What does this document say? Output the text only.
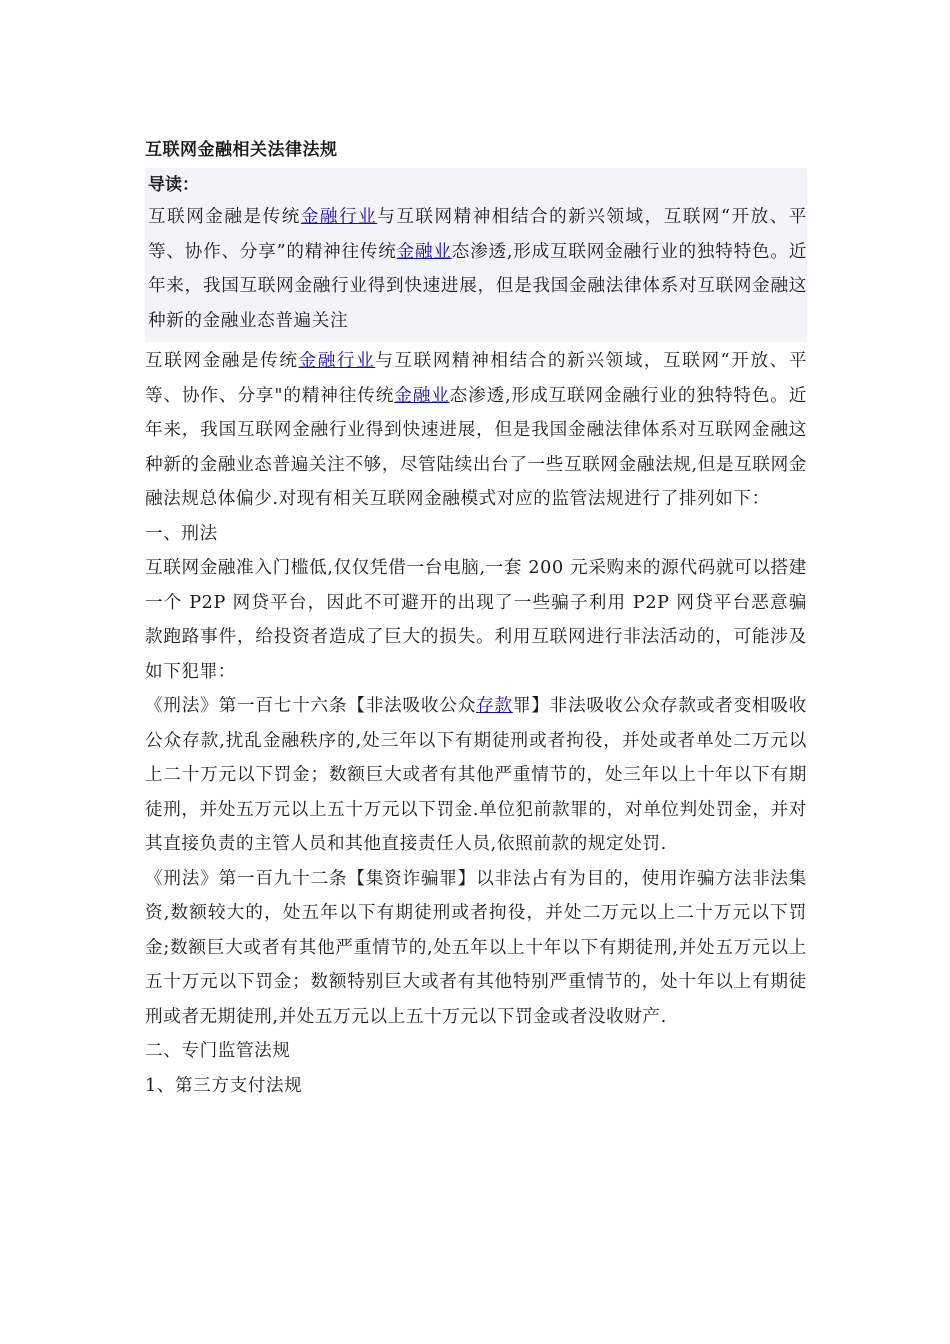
互联网金融相关法律法规
导读：

互联网金融是传统金融行业与互联网精神相结合的新兴领域，互联网“开放、平等、协作、分享”的精神往传统金融业态渗透,形成互联网金融行业的独特特色。近年来，我国互联网金融行业得到快速进展，但是我国金融法律体系对互联网金融这种新的金融业态普遍关注

互联网金融是传统金融行业与互联网精神相结合的新兴领域，互联网“开放、平等、协作、分享"的精神往传统金融业态渗透,形成互联网金融行业的独特特色。近年来，我国互联网金融行业得到快速进展，但是我国金融法律体系对互联网金融这种新的金融业态普遍关注不够，尽管陆续出台了一些互联网金融法规,但是互联网金融法规总体偏少.对现有相关互联网金融模式对应的监管法规进行了排列如下：

一、刑法

互联网金融准入门槛低,仅仅凭借一台电脑,一套 200 元采购来的源代码就可以搭建一个 P2P 网贷平台，因此不可避开的出现了一些骗子利用 P2P 网贷平台恶意骗款跑路事件，给投资者造成了巨大的损失。利用互联网进行非法活动的，可能涉及如下犯罪：

《刑法》第一百七十六条【非法吸收公众存款罪】非法吸收公众存款或者变相吸收公众存款,扰乱金融秩序的,处三年以下有期徒刑或者拘役，并处或者单处二万元以上二十万元以下罚金；数额巨大或者有其他严重情节的，处三年以上十年以下有期徒刑，并处五万元以上五十万元以下罚金.单位犯前款罪的，对单位判处罚金，并对其直接负责的主管人员和其他直接责任人员,依照前款的规定处罚.

《刑法》第一百九十二条【集资诈骗罪】以非法占有为目的，使用诈骗方法非法集资,数额较大的，处五年以下有期徒刑或者拘役，并处二万元以上二十万元以下罚金;数额巨大或者有其他严重情节的,处五年以上十年以下有期徒刑,并处五万元以上五十万元以下罚金；数额特别巨大或者有其他特别严重情节的，处十年以上有期徒刑或者无期徒刑,并处五万元以上五十万元以下罚金或者没收财产.

二、专门监管法规

1、第三方支付法规
